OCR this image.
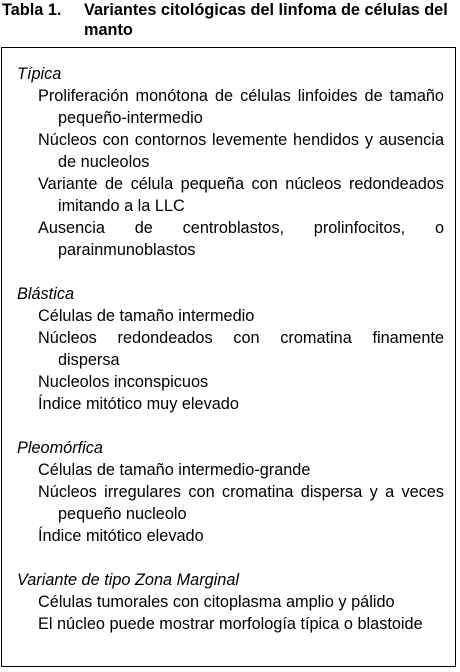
Tabla 1. Variantes citológicas del linfoma de células del manto
Típica
Proliferación monótona de células linfoides de tamaño pequeño-intermedio
Núcleos con contornos levemente hendidos y ausencia de nucleolos
Variante de célula pequeña con núcleos redondeados imitando a la LLC
Ausencia de centroblastos, prolinfocitos, o parainmunoblastos
Blástica
Células de tamaño intermedio
Núcleos redondeados con cromatina finamente dispersa
Nucleolos inconspicuos
Índice mitótico muy elevado
Pleomórfica
Células de tamaño intermedio-grande
Núcleos irregulares con cromatina dispersa y a veces pequeño nucleolo
Índice mitótico elevado
Variante de tipo Zona Marginal
Células tumorales con citoplasma amplio y pálido
El núcleo puede mostrar morfología típica o blastoide
